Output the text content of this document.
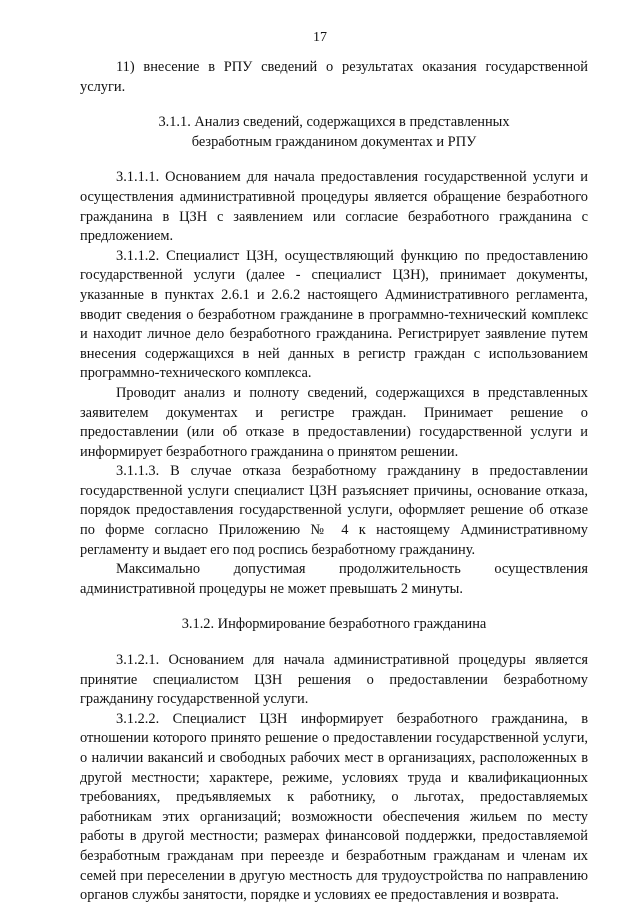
17

11) внесение в РПУ сведений о результатах оказания государственной услуги.

3.1.1. Анализ сведений, содержащихся в представленных безработным гражданином документах и РПУ

3.1.1.1. Основанием для начала предоставления государственной услуги и осуществления административной процедуры является обращение безработного гражданина в ЦЗН с заявлением или согласие безработного гражданина с предложением.

3.1.1.2. Специалист ЦЗН, осуществляющий функцию по предоставлению государственной услуги (далее - специалист ЦЗН), принимает документы, указанные в пунктах 2.6.1 и 2.6.2 настоящего Административного регламента, вводит сведения о безработном гражданине в программно-технический комплекс и находит личное дело безработного гражданина. Регистрирует заявление путем внесения содержащихся в ней данных в регистр граждан с использованием программно-технического комплекса.

Проводит анализ и полноту сведений, содержащихся в представленных заявителем документах и регистре граждан. Принимает решение о предоставлении (или об отказе в предоставлении) государственной услуги и информирует безработного гражданина о принятом решении.

3.1.1.3. В случае отказа безработному гражданину в предоставлении государственной услуги специалист ЦЗН разъясняет причины, основание отказа, порядок предоставления государственной услуги, оформляет решение об отказе по форме согласно Приложению № 4 к настоящему Административному регламенту и выдает его под роспись безработному гражданину.

Максимально допустимая продолжительность осуществления административной процедуры не может превышать 2 минуты.

3.1.2. Информирование безработного гражданина

3.1.2.1. Основанием для начала административной процедуры является принятие специалистом ЦЗН решения о предоставлении безработному гражданину государственной услуги.

3.1.2.2. Специалист ЦЗН информирует безработного гражданина, в отношении которого принято решение о предоставлении государственной услуги, о наличии вакансий и свободных рабочих мест в организациях, расположенных в другой местности; характере, режиме, условиях труда и квалификационных требованиях, предъявляемых к работнику, о льготах, предоставляемых работникам этих организаций; возможности обеспечения жильем по месту работы в другой местности; размерах финансовой поддержки, предоставляемой безработным гражданам при переезде и безработным гражданам и членам их семей при переселении в другую местность для трудоустройства по направлению органов службы занятости, порядке и условиях ее предоставления и возврата.
